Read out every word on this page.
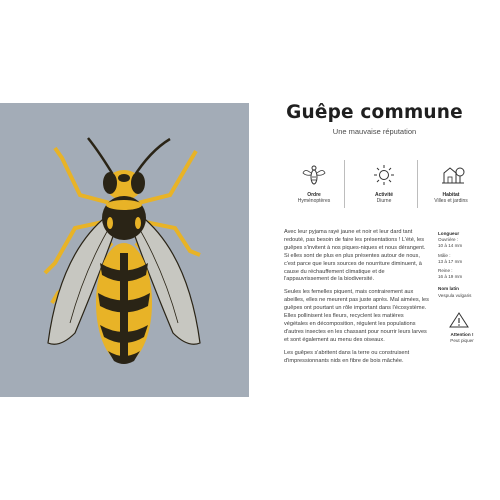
Guêpe commune
Une mauvaise réputation
Ordre
Hyménoptères
Activité
Diurne
Habitat
Villes et jardins

Avec leur pyjama rayé jaune et noir et leur dard tant redouté, pas besoin de faire les présentations ! L'été, les guêpes s'invitent à nos piques-niques et nous dérangent. Si elles sont de plus en plus présentes autour de nous, c'est parce que leurs sources de nourriture diminuent, à cause du réchauffement climatique et de l'appauvrissement de la biodiversité.

Seules les femelles piquent, mais contrairement aux abeilles, elles ne meurent pas juste après. Mal aimées, les guêpes ont pourtant un rôle important dans l'écosystème. Elles pollinisent les fleurs, recyclent les matières végétales en décomposition, régulent les populations d'autres insectes en les chassant pour nourrir leurs larves et sont également au menu des oiseaux.

Les guêpes s'abritent dans la terre ou construisent d'impressionnants nids en fibre de bois mâchée.

Longueur
Ouvrière :
10 à 14 mm
Mâle :
13 à 17 mm
Reine :
16 à 19 mm
Nom latin
Vespula vulgaris
Attention !
Peut piquer
